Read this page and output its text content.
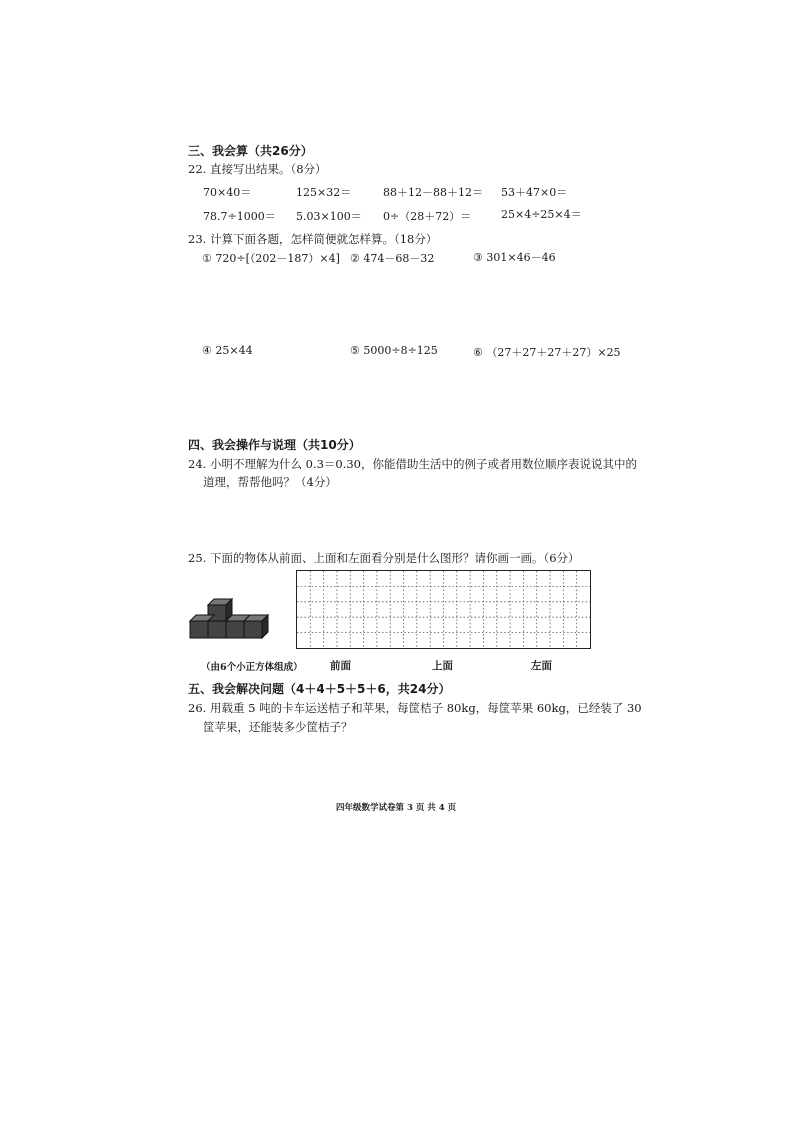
三、我会算（共26分）
22. 直接写出结果。（8分）
70×40＝	125×32＝	88＋12－88＋12＝ 53＋47×0＝
78.7÷1000＝ 5.03×100＝ 0÷（28＋72）＝	25×4÷25×4＝
23. 计算下面各题，怎样简便就怎样算。（18分）
① 720÷[（202－187）×4] ② 474－68－32	③ 301×46－46
④ 25×44	⑤ 5000÷8÷125	⑥ （27＋27＋27＋27）×25
四、我会操作与说理（共10分）
24. 小明不理解为什么 0.3＝0.30，你能借助生活中的例子或者用数位顺序表说说其中的
道理，帮帮他吗？（4分）
25. 下面的物体从前面、上面和左面看分别是什么图形？请你画一画。（6分）
（由6个小正方体组成）	前面	上面	左面
五、我会解决问题（4＋4＋5＋5＋6，共24分）
26. 用载重 5 吨的卡车运送桔子和苹果，每筐桔子 80kg，每筐苹果 60kg，已经装了 30
筐苹果，还能装多少筐桔子？
四年级数学试卷第 3 页 共 4 页
